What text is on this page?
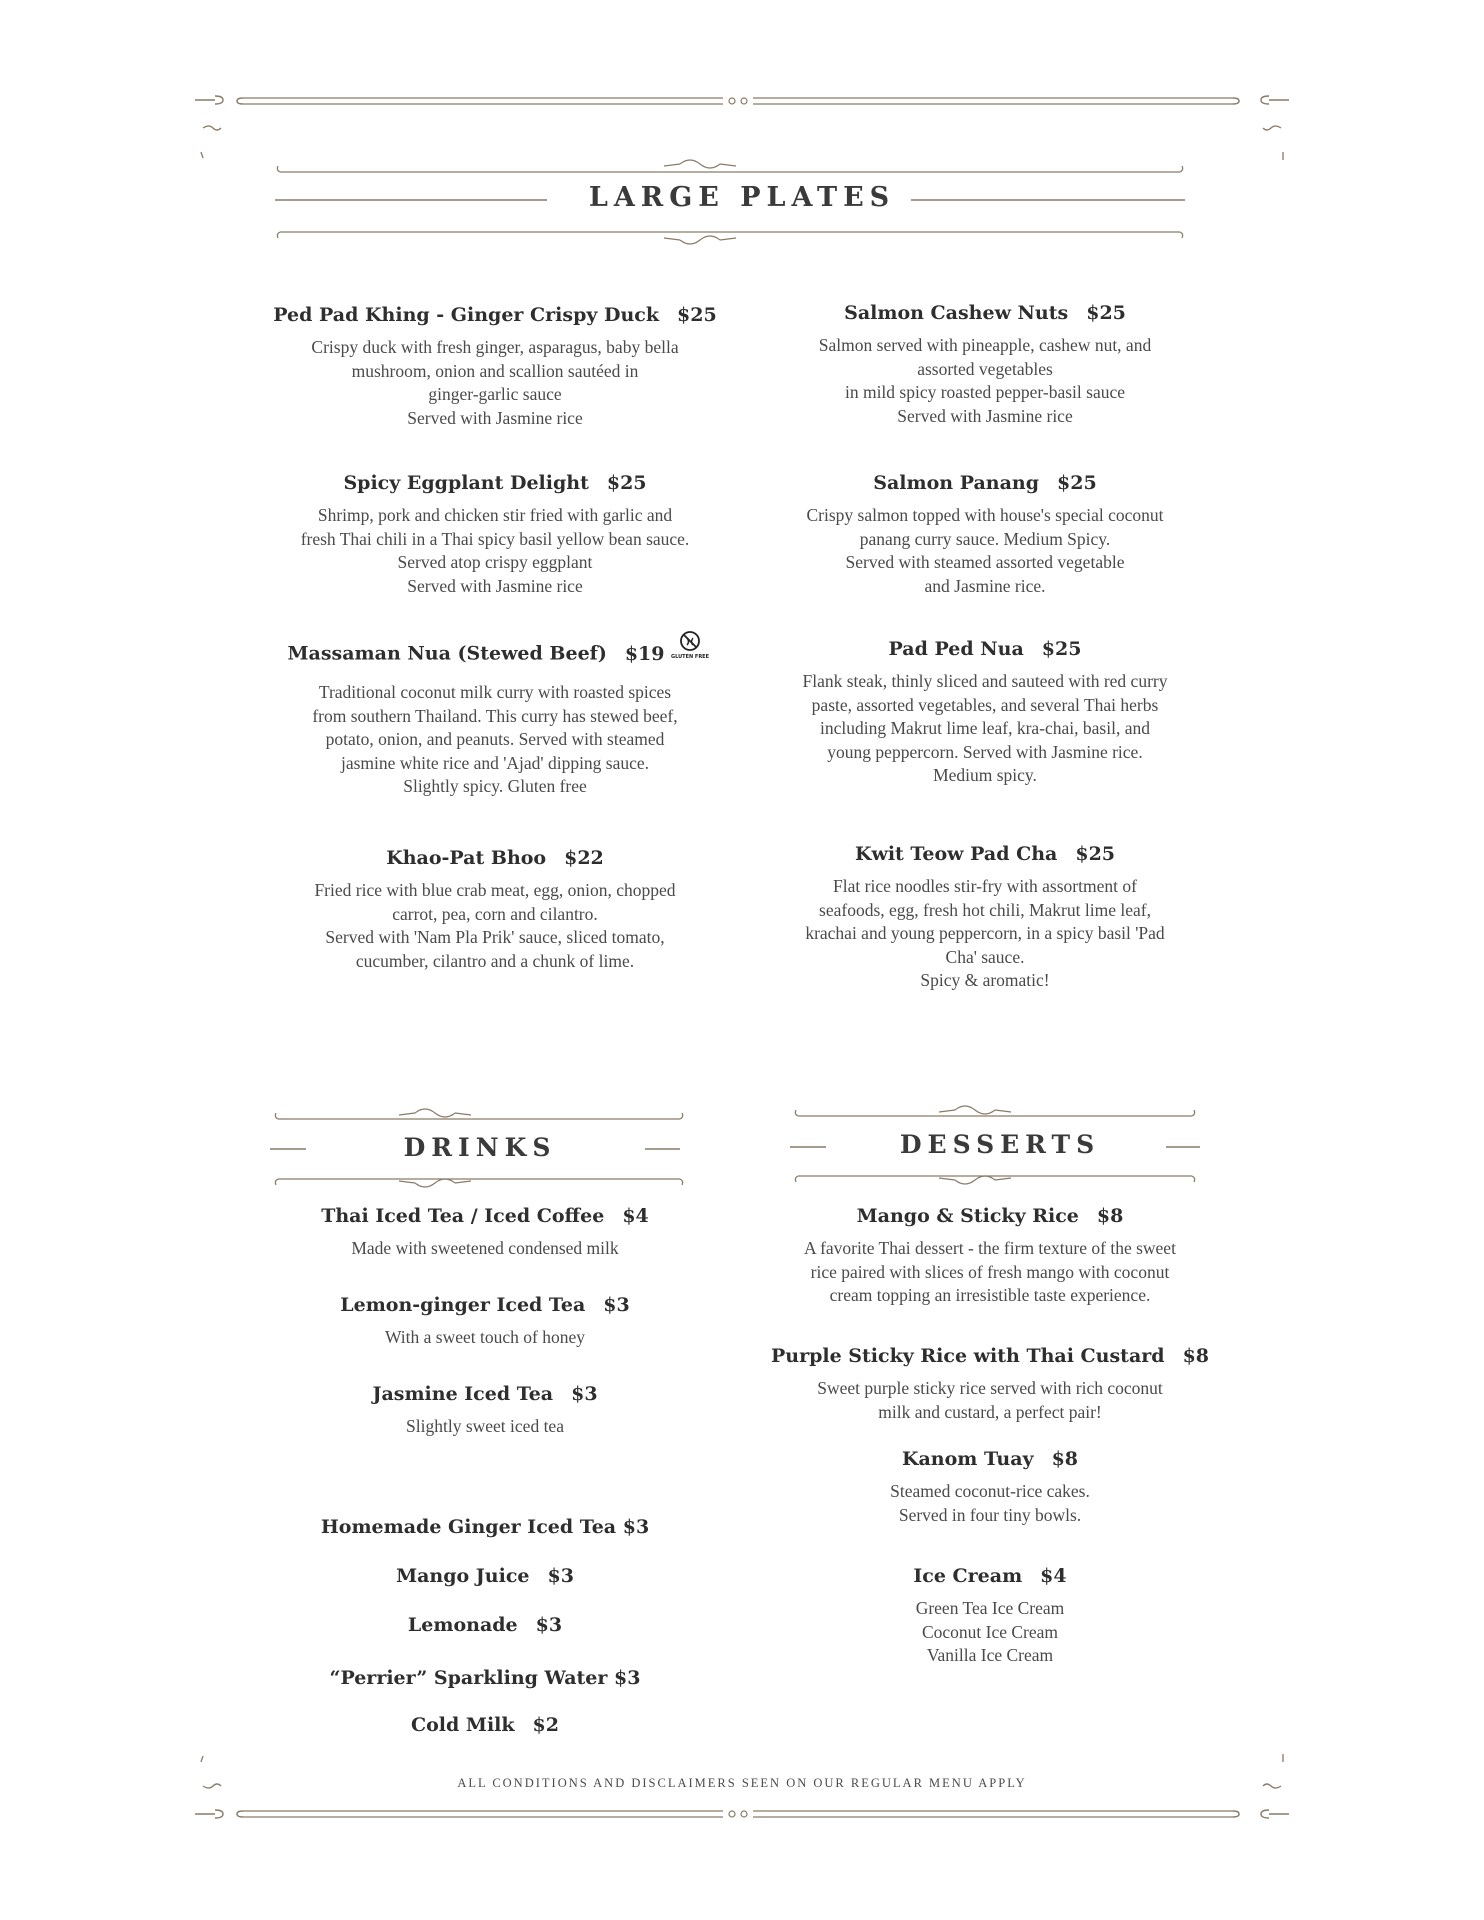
LARGE PLATES
Ped Pad Khing - Ginger Crispy Duck $25
Crispy duck with fresh ginger, asparagus, baby bella
mushroom, onion and scallion sautéed in
ginger-garlic sauce
Served with Jasmine rice
Salmon Cashew Nuts $25
Salmon served with pineapple, cashew nut, and
assorted vegetables
in mild spicy roasted pepper-basil sauce
Served with Jasmine rice
Spicy Eggplant Delight $25
Shrimp, pork and chicken stir fried with garlic and
fresh Thai chili in a Thai spicy basil yellow bean sauce.
Served atop crispy eggplant
Served with Jasmine rice
Salmon Panang $25
Crispy salmon topped with house's special coconut
panang curry sauce. Medium Spicy.
Served with steamed assorted vegetable
and Jasmine rice.
Massaman Nua (Stewed Beef) $19 GLUTEN FREE
Traditional coconut milk curry with roasted spices
from southern Thailand. This curry has stewed beef,
potato, onion, and peanuts. Served with steamed
jasmine white rice and 'Ajad' dipping sauce.
Slightly spicy. Gluten free
Pad Ped Nua $25
Flank steak, thinly sliced and sauteed with red curry
paste, assorted vegetables, and several Thai herbs
including Makrut lime leaf, kra-chai, basil, and
young peppercorn. Served with Jasmine rice.
Medium spicy.
Khao-Pat Bhoo $22
Fried rice with blue crab meat, egg, onion, chopped
carrot, pea, corn and cilantro.
Served with 'Nam Pla Prik' sauce, sliced tomato,
cucumber, cilantro and a chunk of lime.
Kwit Teow Pad Cha $25
Flat rice noodles stir-fry with assortment of
seafoods, egg, fresh hot chili, Makrut lime leaf,
krachai and young peppercorn, in a spicy basil 'Pad
Cha' sauce.
Spicy & aromatic!
DRINKS
Thai Iced Tea / Iced Coffee $4
Made with sweetened condensed milk
Lemon-ginger Iced Tea $3
With a sweet touch of honey
Jasmine Iced Tea $3
Slightly sweet iced tea
Homemade Ginger Iced Tea $3
Mango Juice $3
Lemonade $3
“Perrier” Sparkling Water $3
Cold Milk $2
DESSERTS
Mango & Sticky Rice $8
A favorite Thai dessert - the firm texture of the sweet
rice paired with slices of fresh mango with coconut
cream topping an irresistible taste experience.
Purple Sticky Rice with Thai Custard $8
Sweet purple sticky rice served with rich coconut
milk and custard, a perfect pair!
Kanom Tuay $8
Steamed coconut-rice cakes.
Served in four tiny bowls.
Ice Cream $4
Green Tea Ice Cream
Coconut Ice Cream
Vanilla Ice Cream
ALL CONDITIONS AND DISCLAIMERS SEEN ON OUR REGULAR MENU APPLY
